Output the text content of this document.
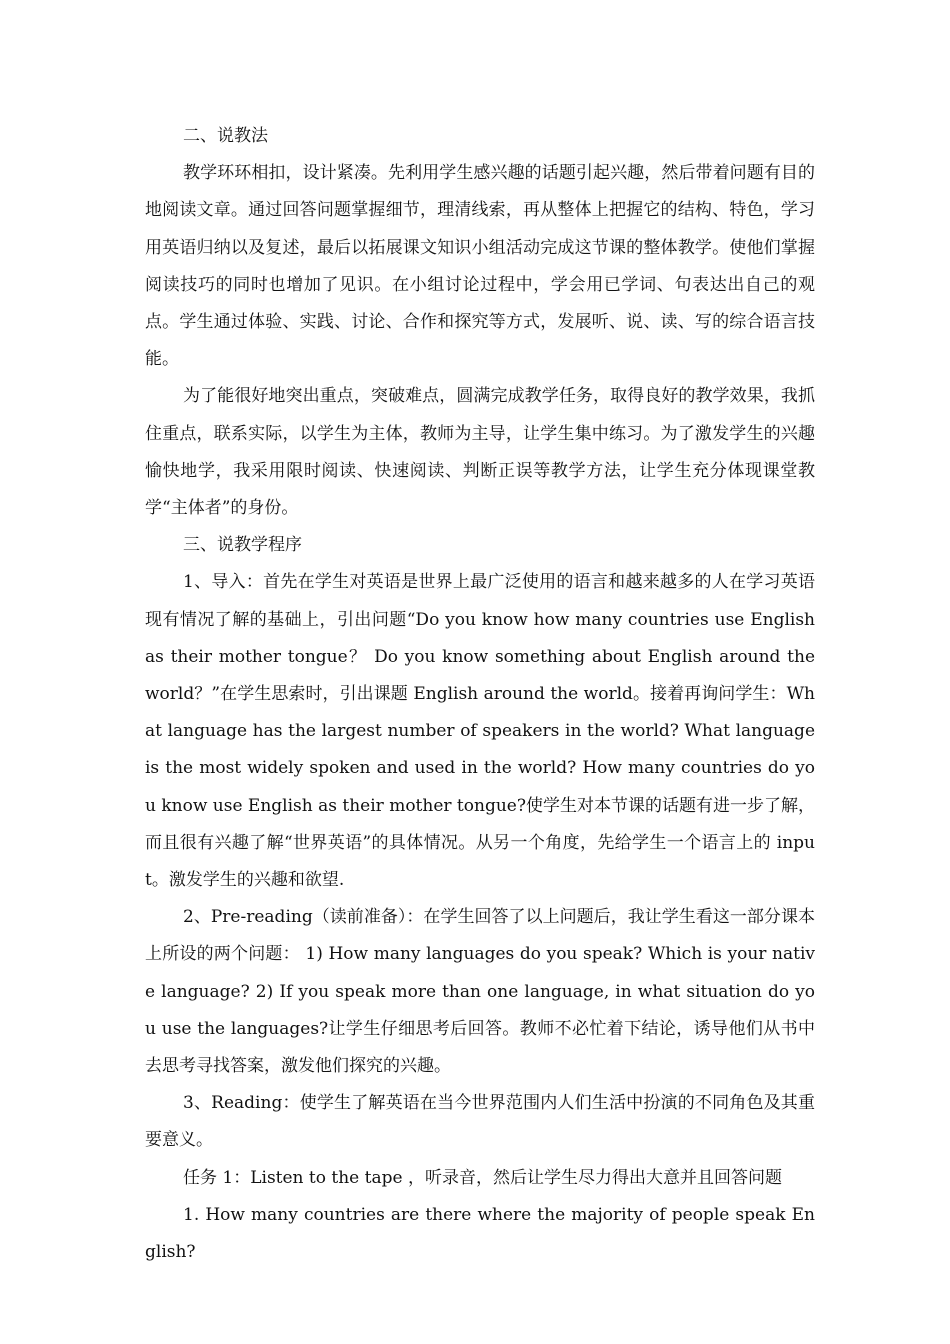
二、说教法

教学环环相扣，设计紧凑。先利用学生感兴趣的话题引起兴趣，然后带着问题有目的地阅读文章。通过回答问题掌握细节，理清线索，再从整体上把握它的结构、特色，学习用英语归纳以及复述，最后以拓展课文知识小组活动完成这节课的整体教学。使他们掌握阅读技巧的同时也增加了见识。在小组讨论过程中，学会用已学词、句表达出自己的观点。学生通过体验、实践、讨论、合作和探究等方式，发展听、说、读、写的综合语言技能。

为了能很好地突出重点，突破难点，圆满完成教学任务，取得良好的教学效果，我抓住重点，联系实际，以学生为主体，教师为主导，让学生集中练习。为了激发学生的兴趣愉快地学，我采用限时阅读、快速阅读、判断正误等教学方法，让学生充分体现课堂教学“主体者”的身份。

三、说教学程序

1、导入：首先在学生对英语是世界上最广泛使用的语言和越来越多的人在学习英语现有情况了解的基础上，引出问题“Do you know how many countries use English as their mother tongue？ Do you know something about English around the world？”在学生思索时，引出课题 English around the world。接着再询问学生：What language has the largest number of speakers in the world? What language is the most widely spoken and used in the world? How many countries do you know use English as their mother tongue?使学生对本节课的话题有进一步了解，而且很有兴趣了解“世界英语”的具体情况。从另一个角度，先给学生一个语言上的 input。激发学生的兴趣和欲望.

2、Pre-reading（读前准备）：在学生回答了以上问题后，我让学生看这一部分课本上所设的两个问题： 1) How many languages do you speak? Which is your native language? 2) If you speak more than one language, in what situation do you use the languages?让学生仔细思考后回答。教师不必忙着下结论，诱导他们从书中去思考寻找答案，激发他们探究的兴趣。

3、Reading：使学生了解英语在当今世界范围内人们生活中扮演的不同角色及其重要意义。

任务 1：Listen to the tape ，听录音，然后让学生尽力得出大意并且回答问题

1. How many countries are there where the majority of people speak English?
